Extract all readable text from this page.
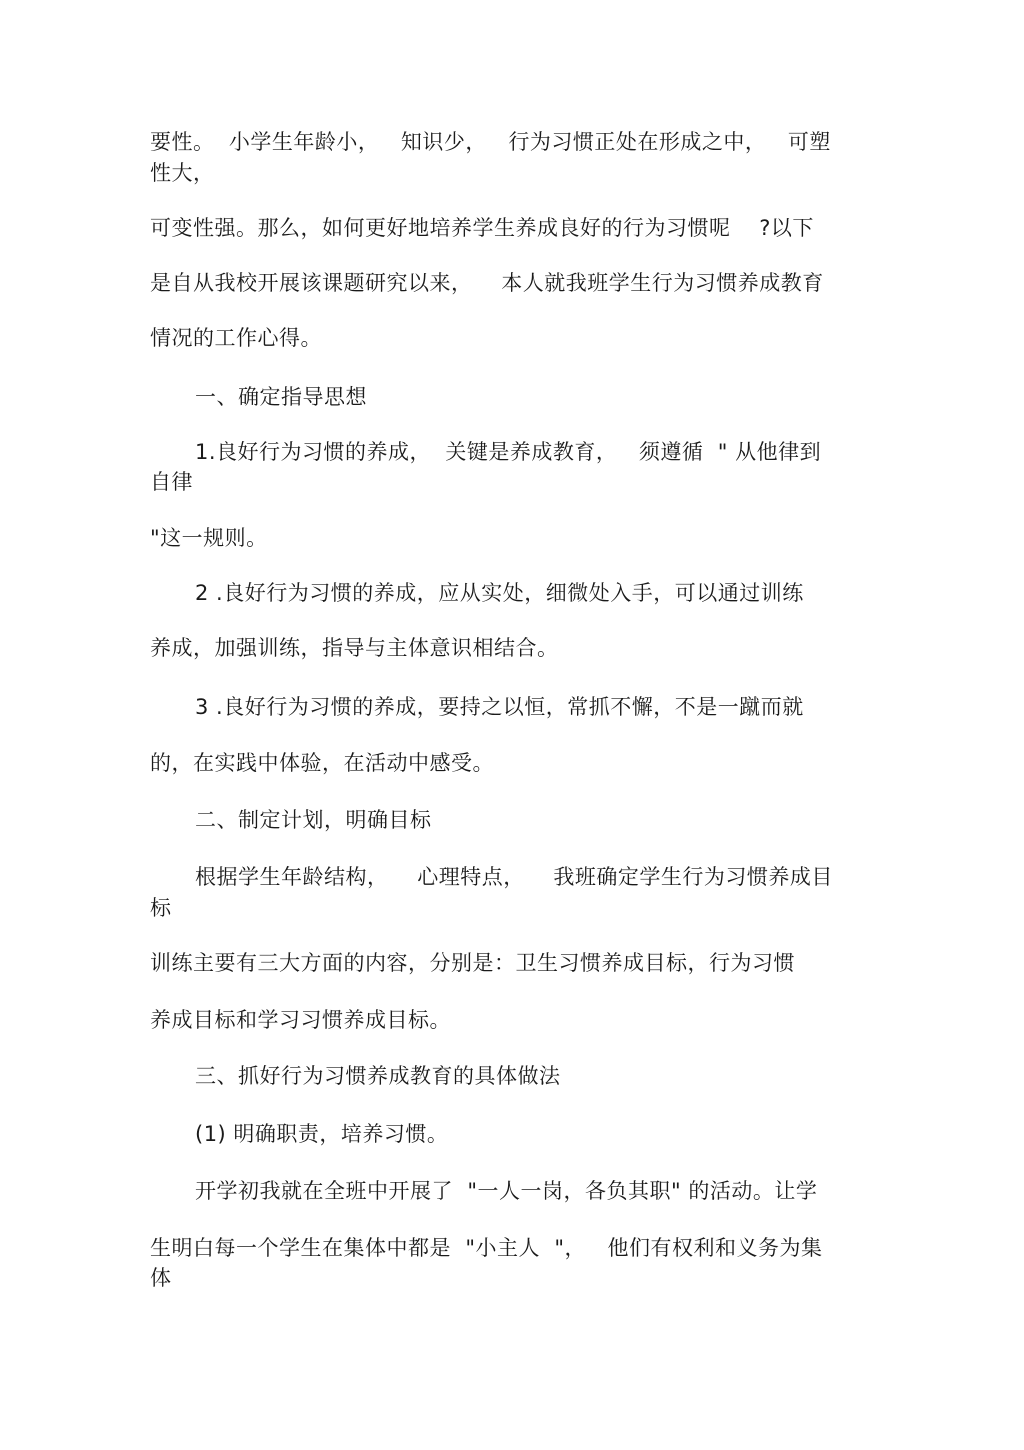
要性。  小学生年龄小，   知识少，   行为习惯正处在形成之中，   可塑

性大，

可变性强。那么，如何更好地培养学生养成良好的行为习惯呢    ?以下

是自从我校开展该课题研究以来，    本人就我班学生行为习惯养成教育

情况的工作心得。

一、确定指导思想

1.良好行为习惯的养成，  关键是养成教育，   须遵循  " 从他律到

自律

"这一规则。

2 .良好行为习惯的养成，应从实处，细微处入手，可以通过训练

养成，加强训练，指导与主体意识相结合。

3 .良好行为习惯的养成，要持之以恒，常抓不懈，不是一蹴而就

的，在实践中体验，在活动中感受。

二、制定计划，明确目标

根据学生年龄结构，    心理特点，    我班确定学生行为习惯养成目

标

训练主要有三大方面的内容，分别是：卫生习惯养成目标，行为习惯

养成目标和学习习惯养成目标。

三、抓好行为习惯养成教育的具体做法

(1) 明确职责，培养习惯。

开学初我就在全班中开展了  "一人一岗，各负其职" 的活动。让学

生明白每一个学生在集体中都是  "小主人  "，   他们有权利和义务为集

体
